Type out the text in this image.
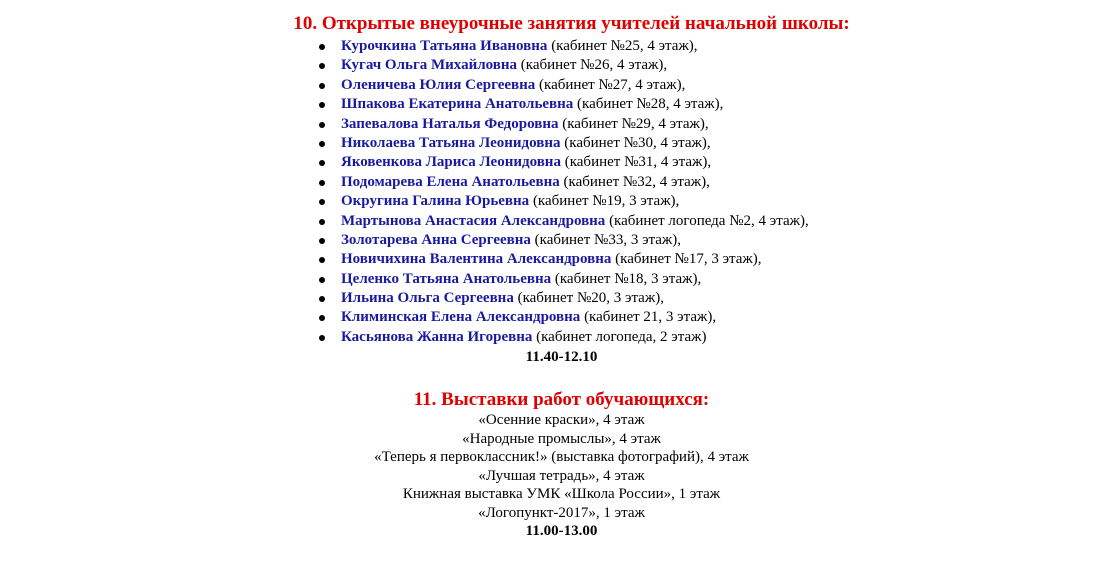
10. Открытые внеурочные занятия учителей начальной школы:
Курочкина Татьяна Ивановна (кабинет №25, 4 этаж),
Кугач Ольга Михайловна (кабинет №26, 4 этаж),
Оленичева Юлия Сергеевна (кабинет №27, 4 этаж),
Шпакова Екатерина Анатольевна (кабинет №28, 4 этаж),
Запевалова Наталья Федоровна (кабинет №29, 4 этаж),
Николаева Татьяна Леонидовна (кабинет №30, 4 этаж),
Яковенкова Лариса Леонидовна (кабинет №31, 4 этаж),
Подомарева Елена Анатольевна (кабинет №32, 4 этаж),
Округина Галина Юрьевна (кабинет №19, 3 этаж),
Мартынова Анастасия Александровна (кабинет логопеда №2, 4 этаж),
Золотарева Анна Сергеевна (кабинет №33, 3 этаж),
Новичихина Валентина Александровна (кабинет №17, 3 этаж),
Целенко Татьяна Анатольевна (кабинет №18, 3 этаж),
Ильина Ольга Сергеевна (кабинет №20, 3 этаж),
Климинская Елена Александровна (кабинет 21, 3 этаж),
Касьянова Жанна Игоревна (кабинет логопеда, 2 этаж)

11.40-12.10

11. Выставки работ обучающихся:
«Осенние краски», 4 этаж
«Народные промыслы», 4 этаж
«Теперь я первоклассник!» (выставка фотографий), 4 этаж
«Лучшая тетрадь», 4 этаж
Книжная выставка УМК «Школа России», 1 этаж
«Логопункт-2017», 1 этаж

11.00-13.00
